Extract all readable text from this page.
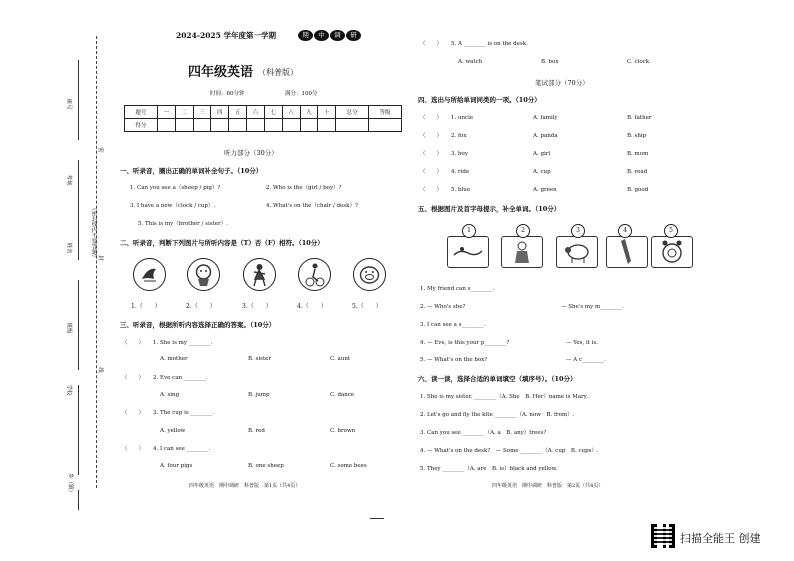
座号
考场
姓名
班级
学校
乡（镇）
密
封
线
（密封线内不要答题）
2024-2025 学年度第一学期	期	中	调	研
四年级英语 （科普版）
时间：60分钟	满分：100分
题号	一	二	三	四	五	六	七	八	九	十	总分	等级
得分												
听力部分（30分）
一、听录音，圈出正确的单词补全句子。（10分）
1. Can you see a（sheep / pig）?	2. Who is the（girl / boy）?
3. I have a new（clock / cup）.	4. What's on the（chair / desk）?
5. This is my（brother / sister）.
二、听录音，判断下列图片与所听内容是（T）否（F）相符。（10分）
1.（　　）	2.（　　）	3.（　　）	4.（　　）	5.（　　）
三、听录音，根据所听内容选择正确的答案。（10分）
（　　） 1. She is my ________.
A. mother	B. sister	C. aunt
（　　） 2. Eve can ________.
A. sing	B. jump	C. dance
（　　） 3. The cup is ________.
A. yellow	B. red	C. brown
（　　） 4. I can see ________.
A. four pigs	B. one sheep	C. some bees
四年级英语　期中调研　科普版　第1页（共4页）
（　　） 5. A ________ is on the desk.
A. watch	B. box	C. clock
笔试部分（70分）
四、选出与所给单词同类的一项。（10分）
（　　） 1. uncle	A. family	B. father
（　　） 2. fox	A. panda	B. ship
（　　） 3. boy	A. girl	B. mom
（　　） 4. ride	A. cup	B. read
（　　） 5. blue	A. green	B. good
五、根据图片及首字母提示，补全单词。（10分）
1	2	3	4	5
1. My friend can s________.
2. — Who's she?	— She's my m________.
3. I can see a s________.
4. — Eve, is this your p________?	— Yes, it is.
5. — What's on the box?	— A c________.
六、读一读，选择合适的单词填空（填序号）。（10分）
1. She is my sister. ________（A. She　B. Her）name is Mary.
2. Let's go and fly the kite ________（A. now　B. from）.
3. Can you see ________（A. a　B. any）trees?
4. — What's on the desk?　— Some ________（A. cup　B. cups）.
5. They ________（A. are　B. is）black and yellow.
四年级英语　期中调研　科普版　第2页（共4页）
扫描全能王 创建
